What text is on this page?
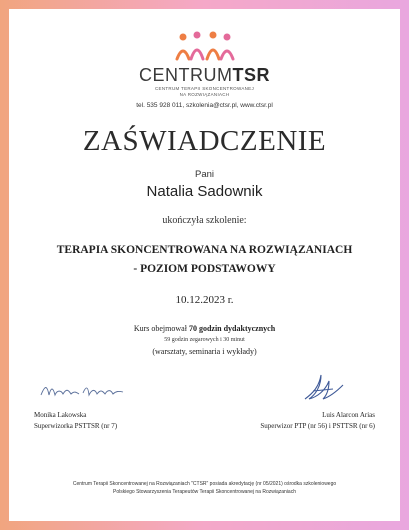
CENTRUMTSR
CENTRUM TERAPII SKONCENTROWANEJ
NA ROZWIĄZANIACH
tel. 535 928 011, szkolenia@ctsr.pl, www.ctsr.pl
ZAŚWIADCZENIE
Pani
Natalia Sadownik
ukończyła szkolenie:
TERAPIA SKONCENTROWANA NA ROZWIĄZANIACH
- POZIOM PODSTAWOWY
10.12.2023 r.
Kurs obejmował 70 godzin dydaktycznych
59 godzin zegarowych i 30 minut
(warsztaty, seminaria i wykłady)
Monika Lakowska
Superwizorka PSTTSR (nr 7)
Luis Alarcon Arias
Superwizor PTP (nr 56) i PSTTSR (nr 6)
Centrum Terapii Skoncentrowanej na Rozwiązaniach "CTSR" posiada akredytację (nr 05/2021) ośrodka szkoleniowego
Polskiego Stowarzyszenia Terapeutów Terapii Skoncentrowanej na Rozwiązaniach
